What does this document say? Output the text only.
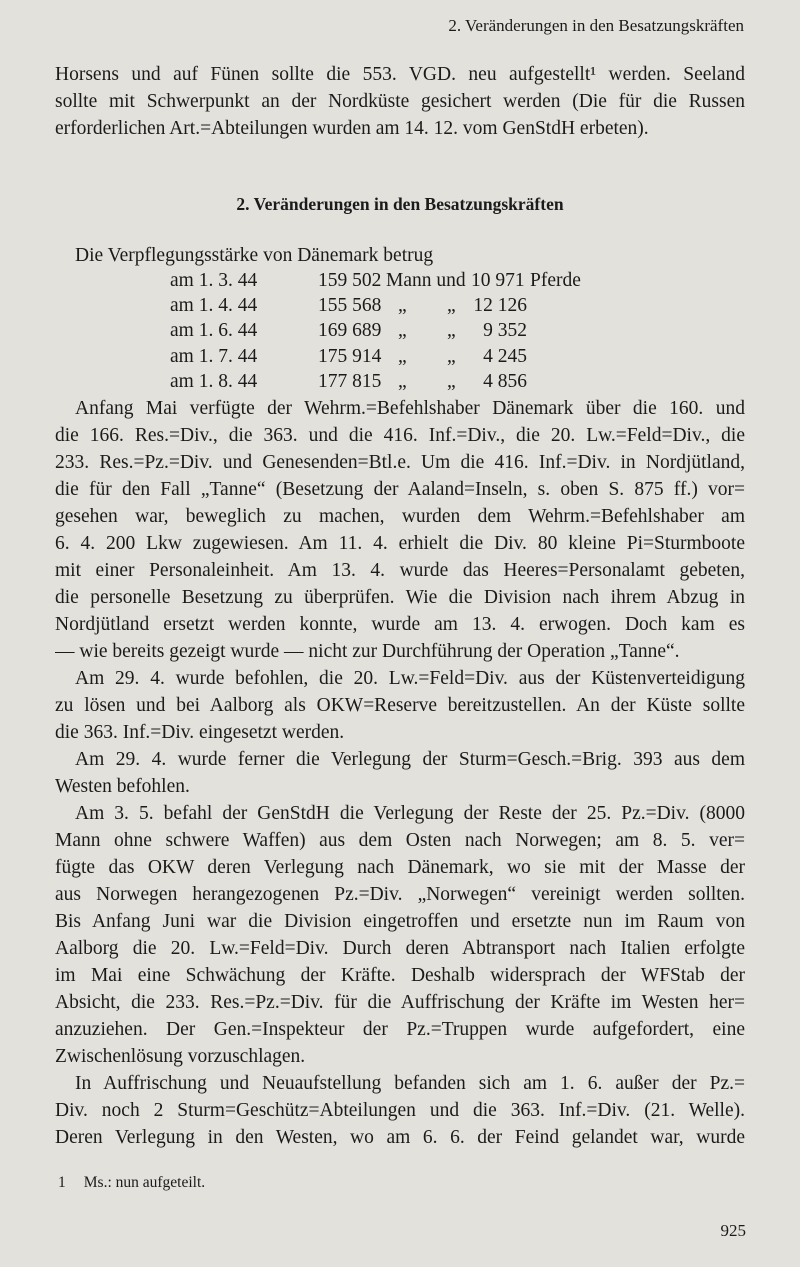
2. Veränderungen in den Besatzungskräften
Horsens und auf Fünen sollte die 553. VGD. neu aufgestellt¹ werden. Seeland
sollte mit Schwerpunkt an der Nordküste gesichert werden (Die für die Russen
erforderlichen Art.=Abteilungen wurden am 14. 12. vom GenStdH erbeten).
2. Veränderungen in den Besatzungskräften
Die Verpflegungsstärke von Dänemark betrug
am 1. 3. 44	159 502 Mann und 10 971 Pferde
am 1. 4. 44	155 568 „ „ 12 126
am 1. 6. 44	169 689 „ „	9 352
am 1. 7. 44	175 914 „ „	4 245
am 1. 8. 44	177 815 „ „	4 856
Anfang Mai verfügte der Wehrm.=Befehlshaber Dänemark über die 160. und
die 166. Res.=Div., die 363. und die 416. Inf.=Div., die 20. Lw.=Feld=Div., die
233. Res.=Pz.=Div. und Genesenden=Btl.e. Um die 416. Inf.=Div. in Nordjütland,
die für den Fall „Tanne“ (Besetzung der Aaland=Inseln, s. oben S. 875 ff.) vor=
gesehen war, beweglich zu machen, wurden dem Wehrm.=Befehlshaber am
6. 4. 200 Lkw zugewiesen. Am 11. 4. erhielt die Div. 80 kleine Pi=Sturmboote
mit einer Personaleinheit. Am 13. 4. wurde das Heeres=Personalamt gebeten,
die personelle Besetzung zu überprüfen. Wie die Division nach ihrem Abzug in
Nordjütland ersetzt werden konnte, wurde am 13. 4. erwogen. Doch kam es
— wie bereits gezeigt wurde — nicht zur Durchführung der Operation „Tanne“.
Am 29. 4. wurde befohlen, die 20. Lw.=Feld=Div. aus der Küstenverteidigung
zu lösen und bei Aalborg als OKW=Reserve bereitzustellen. An der Küste sollte
die 363. Inf.=Div. eingesetzt werden.
Am 29. 4. wurde ferner die Verlegung der Sturm=Gesch.=Brig. 393 aus dem
Westen befohlen.
Am 3. 5. befahl der GenStdH die Verlegung der Reste der 25. Pz.=Div. (8000
Mann ohne schwere Waffen) aus dem Osten nach Norwegen; am 8. 5. ver=
fügte das OKW deren Verlegung nach Dänemark, wo sie mit der Masse der
aus Norwegen herangezogenen Pz.=Div. „Norwegen“ vereinigt werden sollten.
Bis Anfang Juni war die Division eingetroffen und ersetzte nun im Raum von
Aalborg die 20. Lw.=Feld=Div. Durch deren Abtransport nach Italien erfolgte
im Mai eine Schwächung der Kräfte. Deshalb widersprach der WFStab der
Absicht, die 233. Res.=Pz.=Div. für die Auffrischung der Kräfte im Westen her=
anzuziehen. Der Gen.=Inspekteur der Pz.=Truppen wurde aufgefordert, eine
Zwischenlösung vorzuschlagen.
In Auffrischung und Neuaufstellung befanden sich am 1. 6. außer der Pz.=
Div. noch 2 Sturm=Geschütz=Abteilungen und die 363. Inf.=Div. (21. Welle).
Deren Verlegung in den Westen, wo am 6. 6. der Feind gelandet war, wurde
1 Ms.: nun aufgeteilt.
925
